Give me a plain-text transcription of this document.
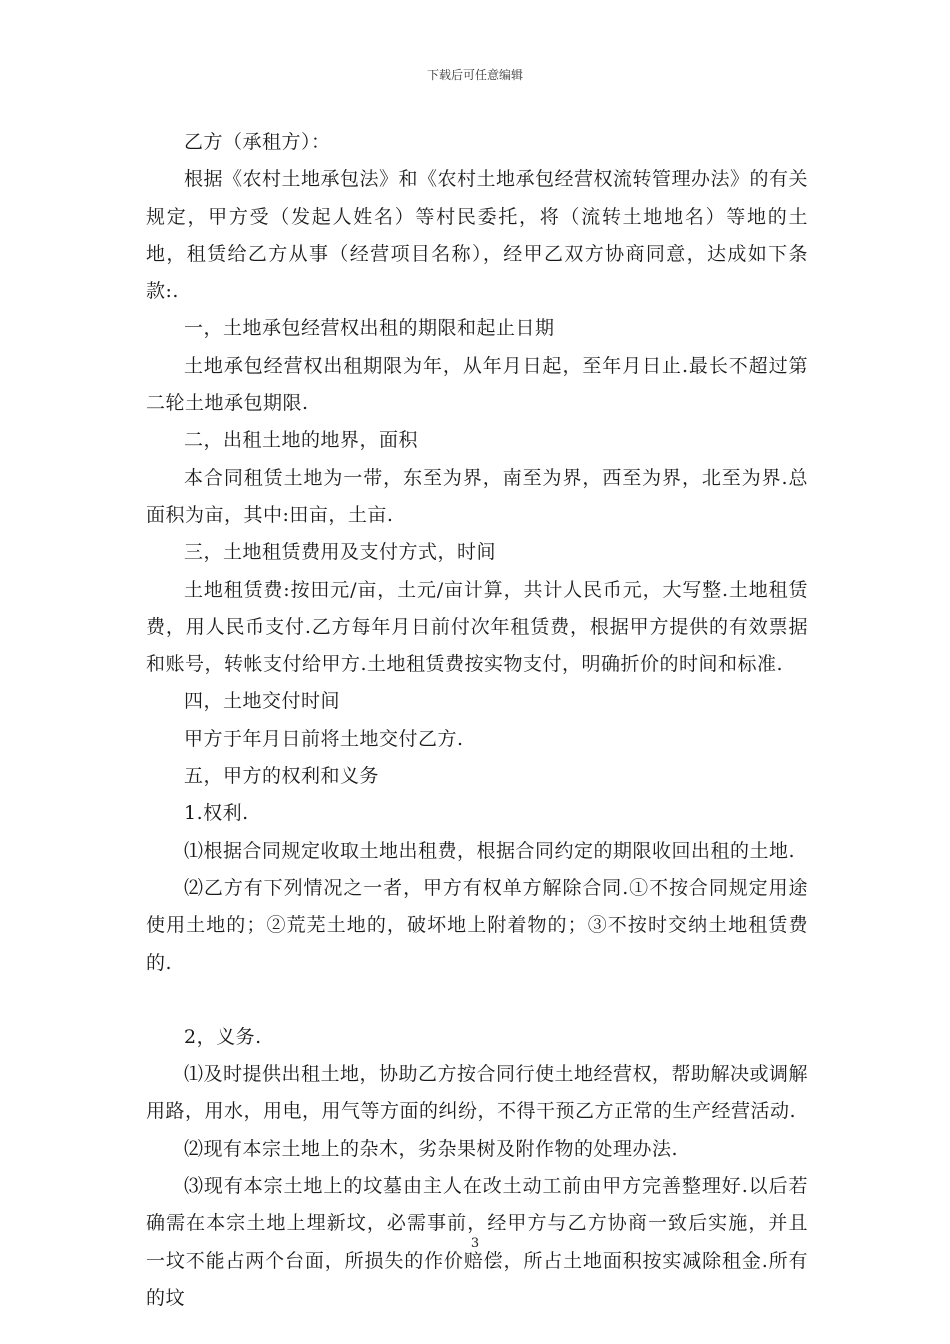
下载后可任意编辑

乙方（承租方）：

根据《农村土地承包法》和《农村土地承包经营权流转管理办法》的有关规定，甲方受（发起人姓名）等村民委托，将（流转土地地名）等地的土地，租赁给乙方从事（经营项目名称），经甲乙双方协商同意，达成如下条款:.

一，土地承包经营权出租的期限和起止日期

土地承包经营权出租期限为年，从年月日起，至年月日止.最长不超过第二轮土地承包期限.

二，出租土地的地界，面积

本合同租赁土地为一带，东至为界，南至为界，西至为界，北至为界.总面积为亩，其中:田亩，土亩.

三，土地租赁费用及支付方式，时间

土地租赁费:按田元/亩，土元/亩计算，共计人民币元，大写整.土地租赁费，用人民币支付.乙方每年月日前付次年租赁费，根据甲方提供的有效票据和账号，转帐支付给甲方.土地租赁费按实物支付，明确折价的时间和标准.

四，土地交付时间

甲方于年月日前将土地交付乙方.

五，甲方的权利和义务

1.权利.

⑴根据合同规定收取土地出租费，根据合同约定的期限收回出租的土地.

⑵乙方有下列情况之一者，甲方有权单方解除合同.①不按合同规定用途使用土地的；②荒芜土地的，破坏地上附着物的；③不按时交纳土地租赁费的.

2，义务.

⑴及时提供出租土地，协助乙方按合同行使土地经营权，帮助解决或调解用路，用水，用电，用气等方面的纠纷，不得干预乙方正常的生产经营活动.

⑵现有本宗土地上的杂木，劣杂果树及附作物的处理办法.

⑶现有本宗土地上的坟墓由主人在改土动工前由甲方完善整理好.以后若确需在本宗土地上埋新坟，必需事前，经甲方与乙方协商一致后实施，并且一坟不能占两个台面，所损失的作价赔偿，所占土地面积按实减除租金.所有的坟

3
